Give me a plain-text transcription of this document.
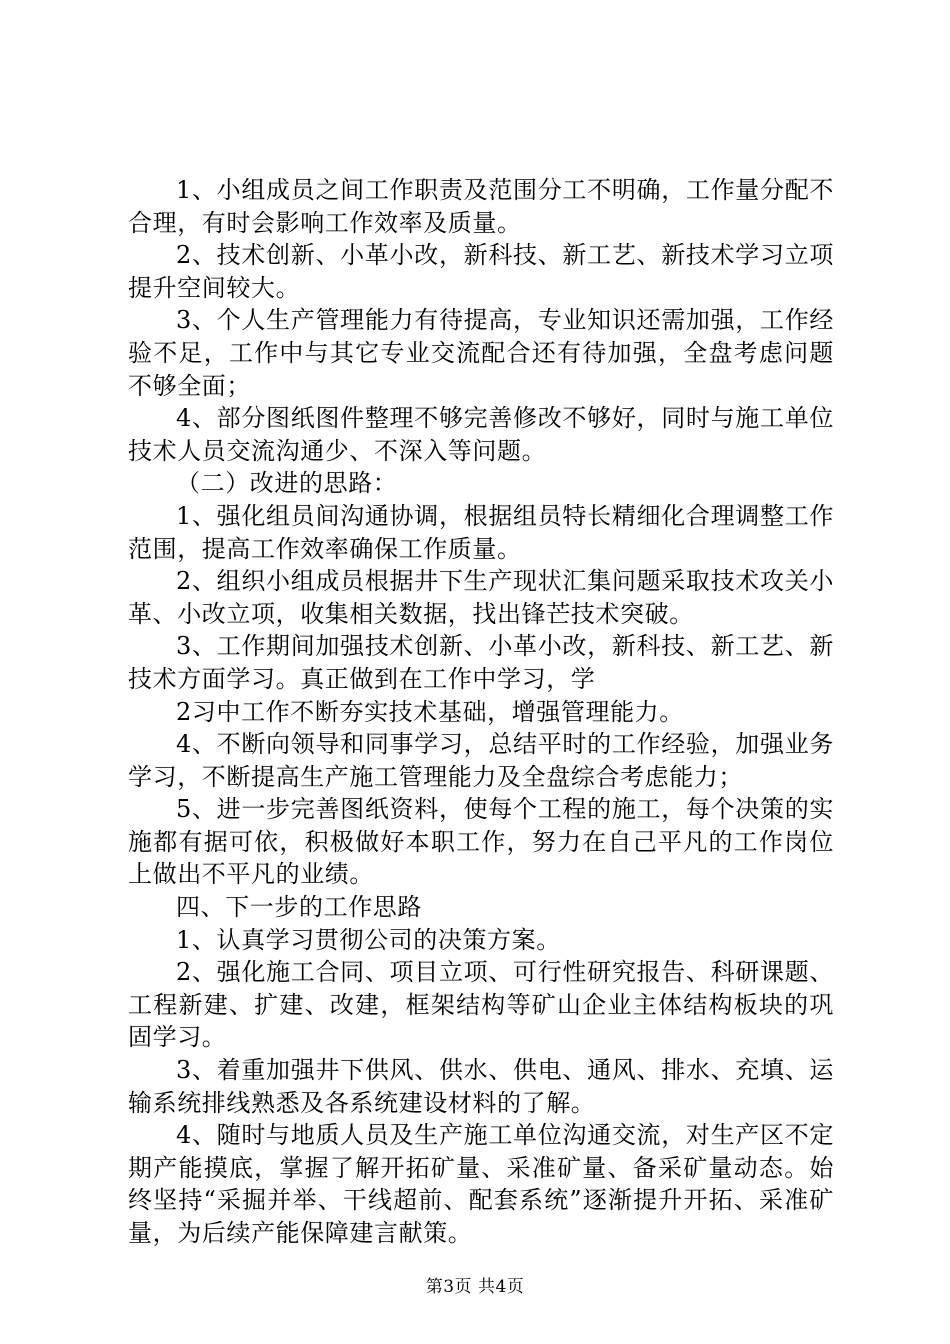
1、小组成员之间工作职责及范围分工不明确，工作量分配不合理，有时会影响工作效率及质量。

2、技术创新、小革小改，新科技、新工艺、新技术学习立项提升空间较大。

3、个人生产管理能力有待提高，专业知识还需加强，工作经验不足，工作中与其它专业交流配合还有待加强，全盘考虑问题不够全面；

4、部分图纸图件整理不够完善修改不够好，同时与施工单位技术人员交流沟通少、不深入等问题。

（二）改进的思路：

1、强化组员间沟通协调，根据组员特长精细化合理调整工作范围，提高工作效率确保工作质量。

2、组织小组成员根据井下生产现状汇集问题采取技术攻关小革、小改立项，收集相关数据，找出锋芒技术突破。

3、工作期间加强技术创新、小革小改，新科技、新工艺、新技术方面学习。真正做到在工作中学习，学

2习中工作不断夯实技术基础，增强管理能力。

4、不断向领导和同事学习，总结平时的工作经验，加强业务学习，不断提高生产施工管理能力及全盘综合考虑能力；

5、进一步完善图纸资料，使每个工程的施工，每个决策的实施都有据可依，积极做好本职工作，努力在自己平凡的工作岗位上做出不平凡的业绩。

四、下一步的工作思路

1、认真学习贯彻公司的决策方案。

2、强化施工合同、项目立项、可行性研究报告、科研课题、工程新建、扩建、改建，框架结构等矿山企业主体结构板块的巩固学习。

3、着重加强井下供风、供水、供电、通风、排水、充填、运输系统排线熟悉及各系统建设材料的了解。

4、随时与地质人员及生产施工单位沟通交流，对生产区不定期产能摸底，掌握了解开拓矿量、采准矿量、备采矿量动态。始终坚持“采掘并举、干线超前、配套系统”逐渐提升开拓、采准矿量，为后续产能保障建言献策。

第3页 共4页
